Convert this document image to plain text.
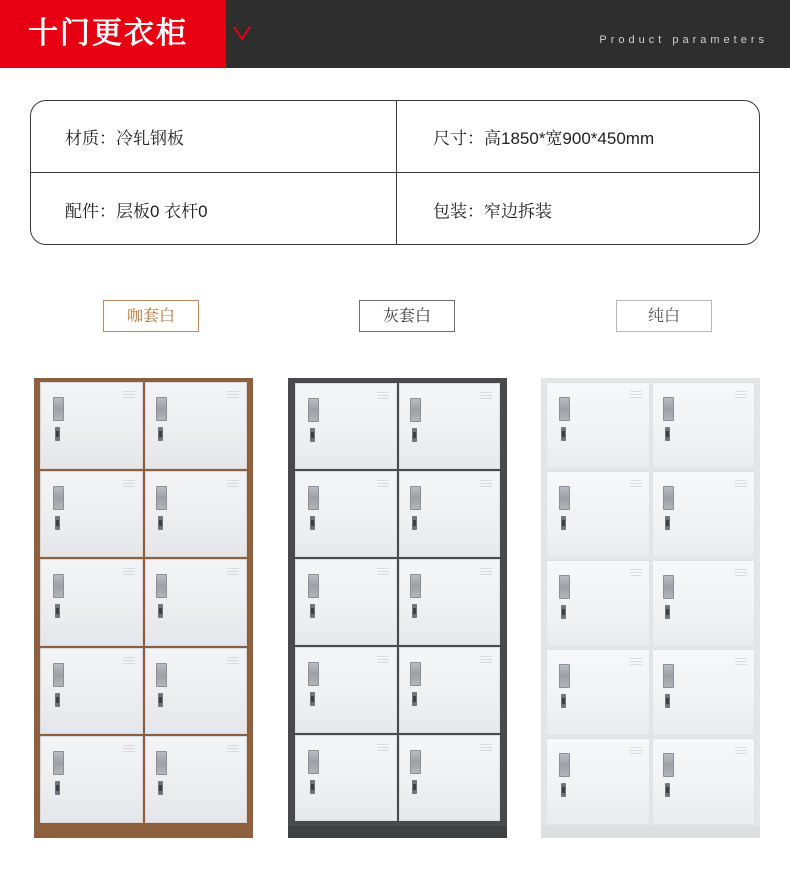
十门更衣柜	Product parameters
材质：冷轧钢板	尺寸：高1850*宽900*450mm
配件：层板0 衣杆0	包装：窄边拆装
咖套白	灰套白	纯白
